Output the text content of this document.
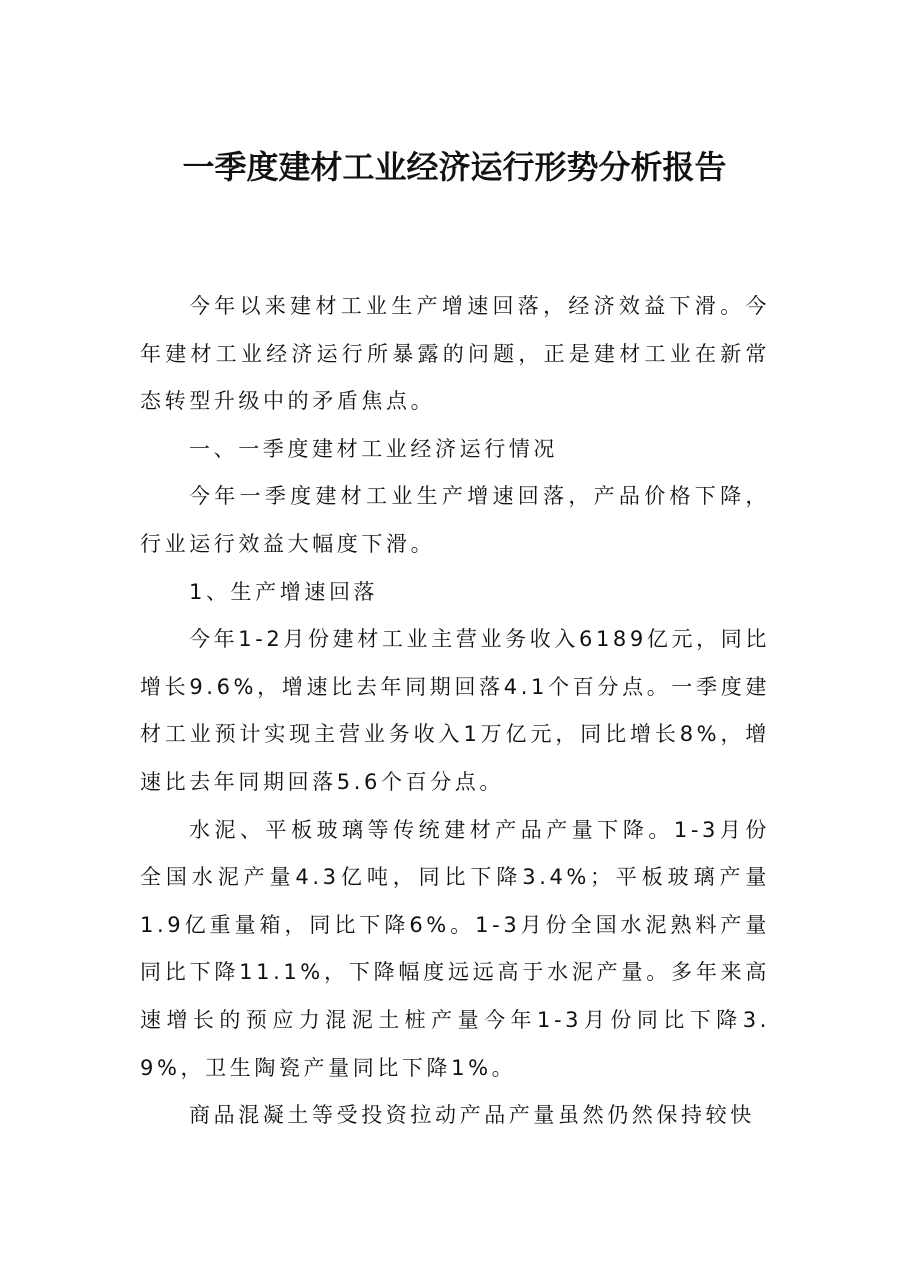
一季度建材工业经济运行形势分析报告

今年以来建材工业生产增速回落，经济效益下滑。今年建材工业经济运行所暴露的问题，正是建材工业在新常态转型升级中的矛盾焦点。

一、一季度建材工业经济运行情况

今年一季度建材工业生产增速回落，产品价格下降，行业运行效益大幅度下滑。

1、生产增速回落

今年1-2月份建材工业主营业务收入6189亿元，同比增长9.6%，增速比去年同期回落4.1个百分点。一季度建材工业预计实现主营业务收入1万亿元，同比增长8%，增速比去年同期回落5.6个百分点。

水泥、平板玻璃等传统建材产品产量下降。1-3月份全国水泥产量4.3亿吨，同比下降3.4%；平板玻璃产量1.9亿重量箱，同比下降6%。1-3月份全国水泥熟料产量同比下降11.1%，下降幅度远远高于水泥产量。多年来高速增长的预应力混泥土桩产量今年1-3月份同比下降3.9%，卫生陶瓷产量同比下降1%。

商品混凝土等受投资拉动产品产量虽然仍然保持较快
